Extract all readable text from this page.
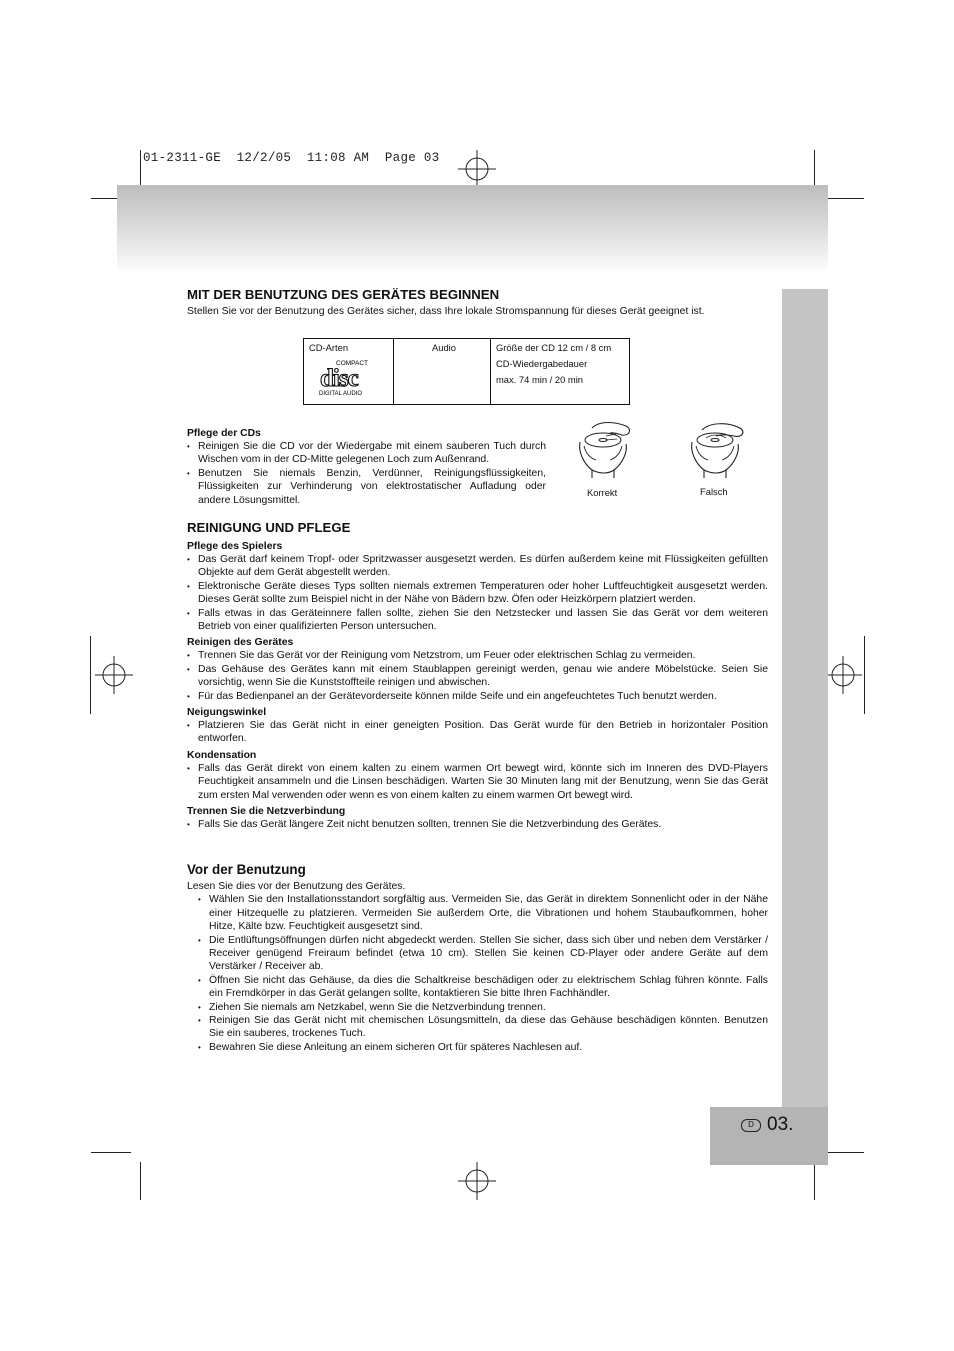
01-2311-GE  12/2/05  11:08 AM  Page 03
D 03.
MIT DER BENUTZUNG DES GERÄTES BEGINNEN

Stellen Sie vor der Benutzung des Gerätes sicher, dass Ihre lokale Stromspannung für dieses Gerät geeignet ist.

CD-Arten
COMPACT
disc
DIGITAL AUDIO
Audio	Größe der CD 12 cm / 8 cm
CD-Wiedergabedauer
max. 74 min / 20 min
Pflege der CDs
• Reinigen Sie die CD vor der Wiedergabe mit einem sauberen Tuch durch Wischen vom in der CD-Mitte gelegenen Loch zum Außenrand.
• Benutzen Sie niemals Benzin, Verdünner, Reinigungsflüssigkeiten, Flüssigkeiten zur Verhinderung von elektrostatischer Aufladung oder andere Lösungsmittel.
Korrekt	Falsch
REINIGUNG UND PFLEGE
Pflege des Spielers
• Das Gerät darf keinem Tropf- oder Spritzwasser ausgesetzt werden. Es dürfen außerdem keine mit Flüssigkeiten gefüllten Objekte auf dem Gerät abgestellt werden.
• Elektronische Geräte dieses Typs sollten niemals extremen Temperaturen oder hoher Luftfeuchtigkeit ausgesetzt werden. Dieses Gerät sollte zum Beispiel nicht in der Nähe von Bädern bzw. Öfen oder Heizkörpern platziert werden.
• Falls etwas in das Geräteinnere fallen sollte, ziehen Sie den Netzstecker und lassen Sie das Gerät vor dem weiteren Betrieb von einer qualifizierten Person untersuchen.
Reinigen des Gerätes
• Trennen Sie das Gerät vor der Reinigung vom Netzstrom, um Feuer oder elektrischen Schlag zu vermeiden.
• Das Gehäuse des Gerätes kann mit einem Staublappen gereinigt werden, genau wie andere Möbelstücke. Seien Sie vorsichtig, wenn Sie die Kunststoffteile reinigen und abwischen.
• Für das Bedienpanel an der Gerätevorderseite können milde Seife und ein angefeuchtetes Tuch benutzt werden.
Neigungswinkel
• Platzieren Sie das Gerät nicht in einer geneigten Position. Das Gerät wurde für den Betrieb in horizontaler Position entworfen.
Kondensation
• Falls das Gerät direkt von einem kalten zu einem warmen Ort bewegt wird, könnte sich im Inneren des DVD-Players Feuchtigkeit ansammeln und die Linsen beschädigen. Warten Sie 30 Minuten lang mit der Benutzung, wenn Sie das Gerät zum ersten Mal verwenden oder wenn es von einem kalten zu einem warmen Ort bewegt wird.
Trennen Sie die Netzverbindung
• Falls Sie das Gerät längere Zeit nicht benutzen sollten, trennen Sie die Netzverbindung des Gerätes.
Vor der Benutzung

Lesen Sie dies vor der Benutzung des Gerätes.

• Wählen Sie den Installationsstandort sorgfältig aus. Vermeiden Sie, das Gerät in direktem Sonnenlicht oder in der Nähe einer Hitzequelle zu platzieren. Vermeiden Sie außerdem Orte, die Vibrationen und hohem Staubaufkommen, hoher Hitze, Kälte bzw. Feuchtigkeit ausgesetzt sind.
• Die Entlüftungsöffnungen dürfen nicht abgedeckt werden. Stellen Sie sicher, dass sich über und neben dem Verstärker / Receiver genügend Freiraum befindet (etwa 10 cm). Stellen Sie keinen CD-Player oder andere Geräte auf dem Verstärker / Receiver ab.
• Öffnen Sie nicht das Gehäuse, da dies die Schaltkreise beschädigen oder zu elektrischem Schlag führen könnte. Falls ein Fremdkörper in das Gerät gelangen sollte, kontaktieren Sie bitte Ihren Fachhändler.
• Ziehen Sie niemals am Netzkabel, wenn Sie die Netzverbindung trennen.
• Reinigen Sie das Gerät nicht mit chemischen Lösungsmitteln, da diese das Gehäuse beschädigen könnten. Benutzen Sie ein sauberes, trockenes Tuch.
• Bewahren Sie diese Anleitung an einem sicheren Ort für späteres Nachlesen auf.
